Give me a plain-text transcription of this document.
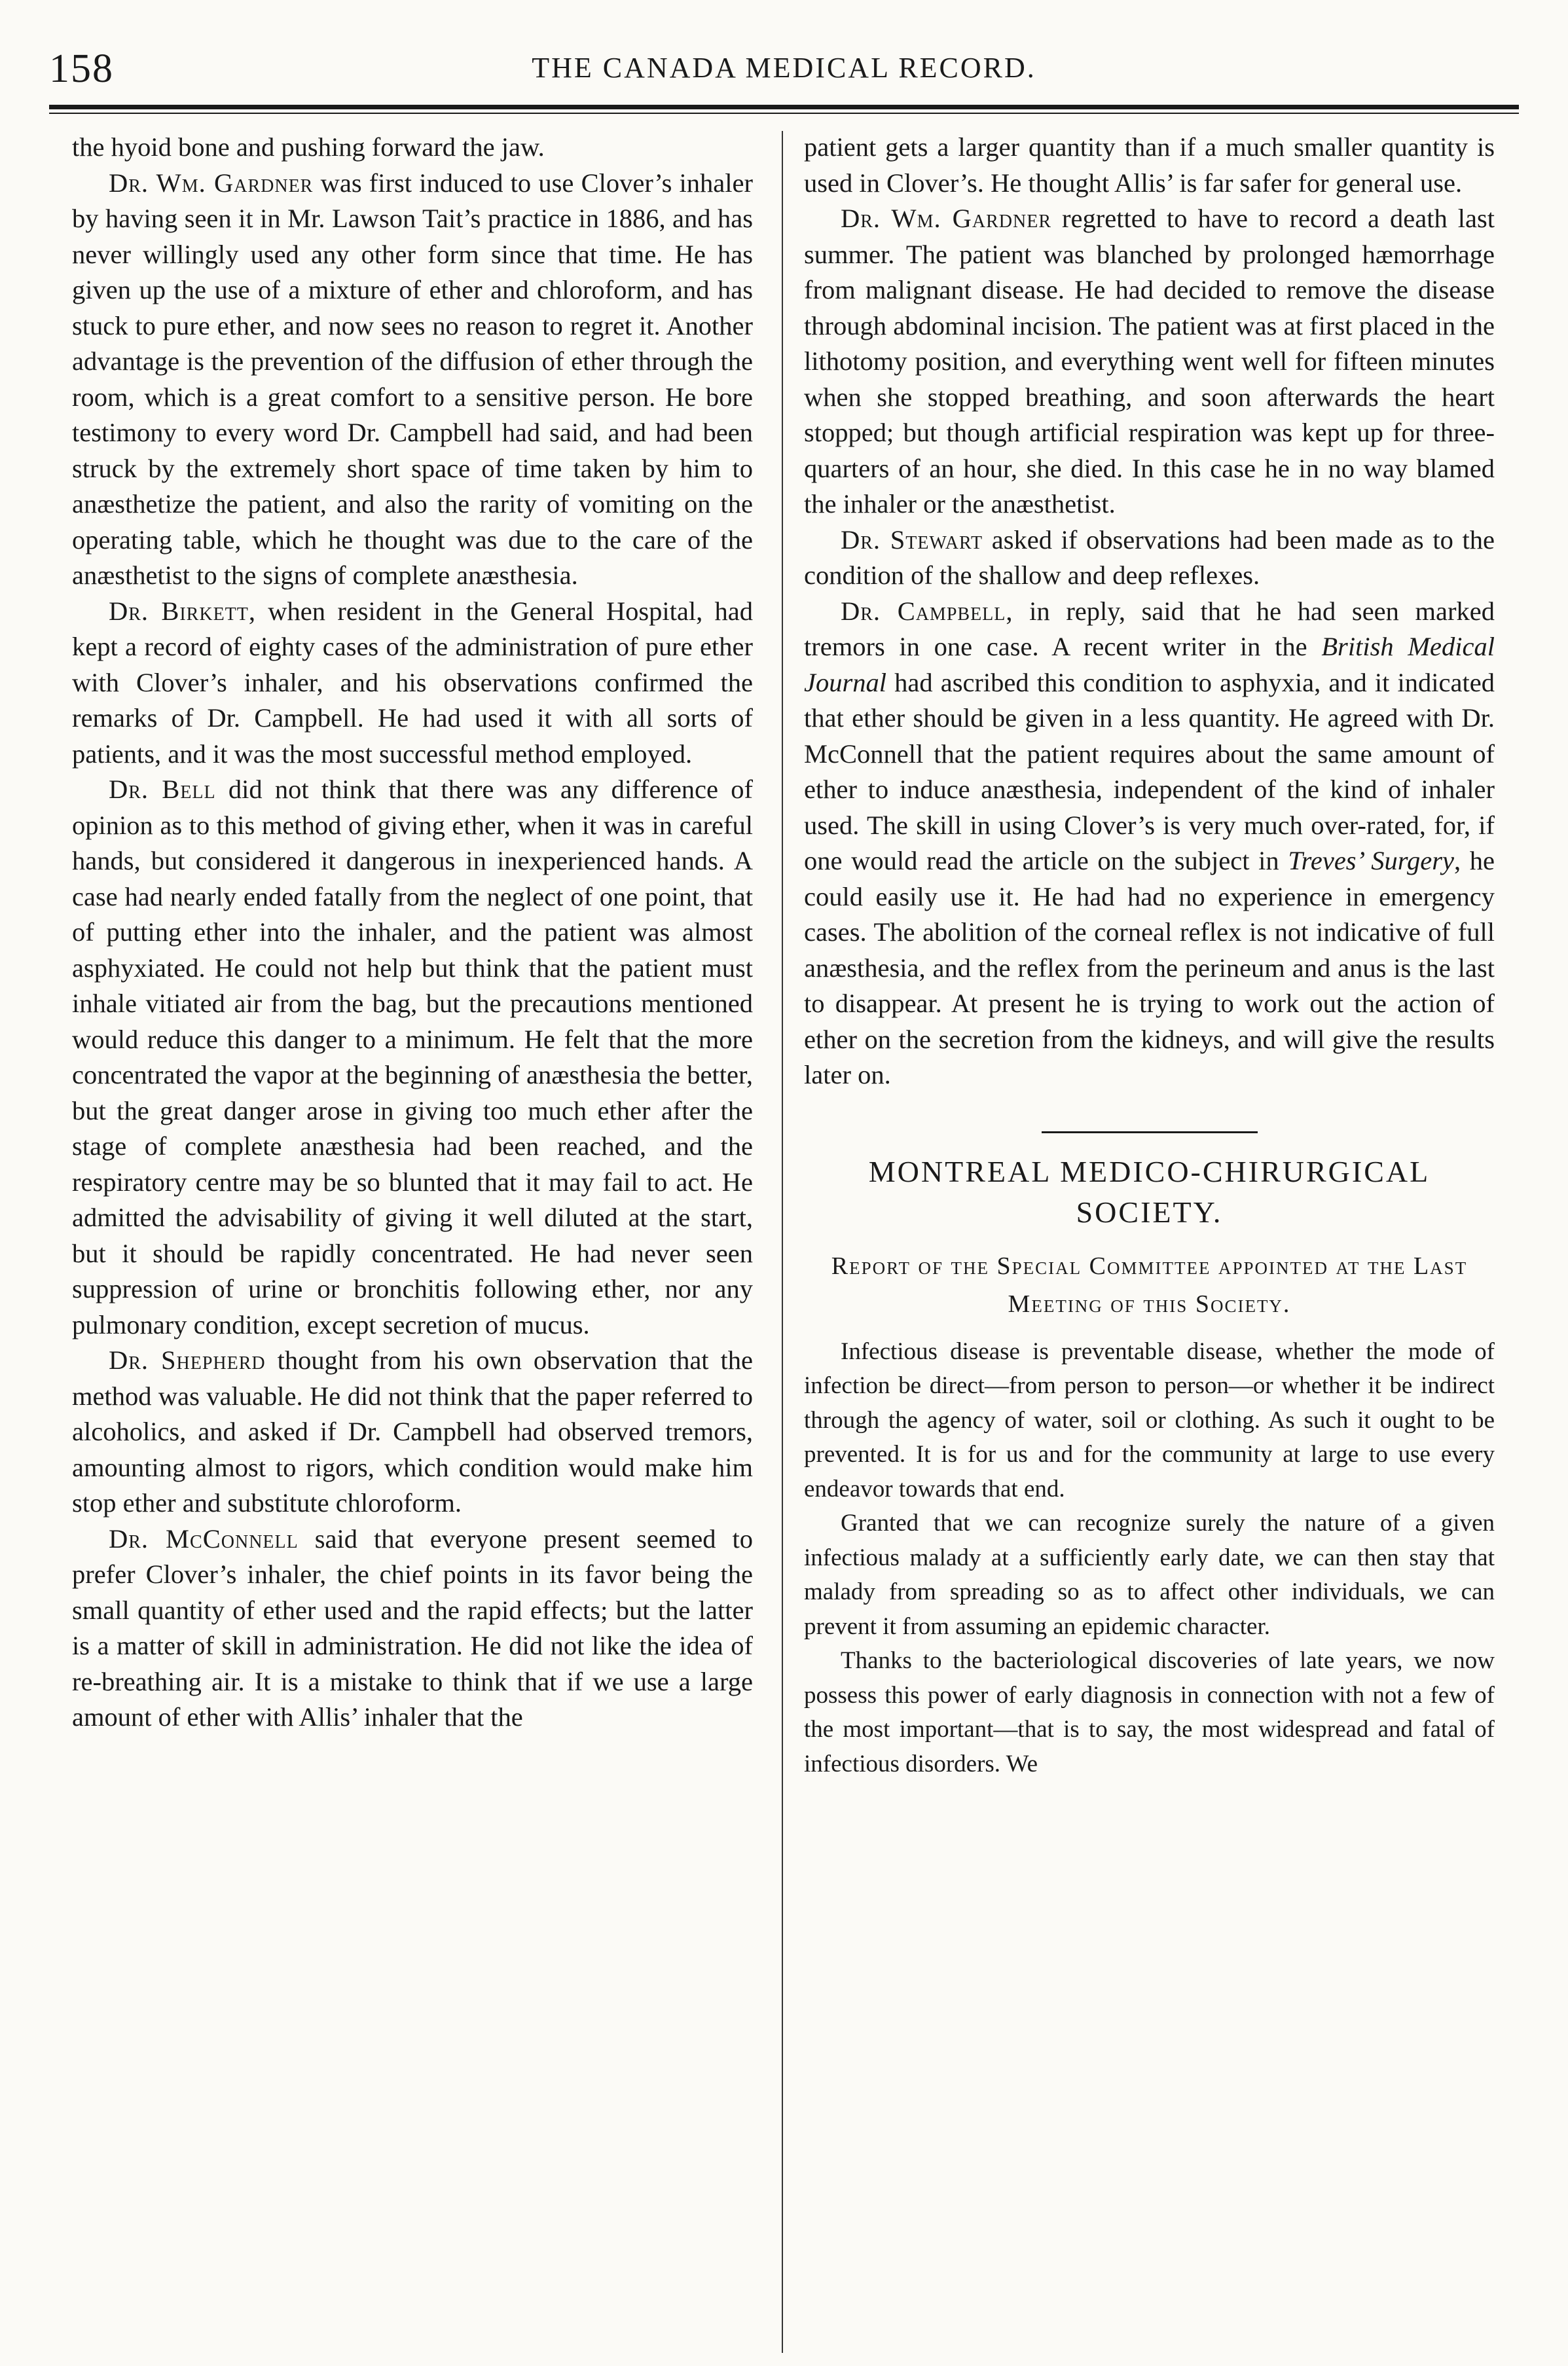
158	THE CANADA MEDICAL RECORD.

the hyoid bone and pushing forward the jaw.

Dr. Wm. Gardner was first induced to use Clover’s inhaler by having seen it in Mr. Lawson Tait’s practice in 1886, and has never willingly used any other form since that time. He has given up the use of a mixture of ether and chloroform, and has stuck to pure ether, and now sees no reason to regret it. Another advantage is the prevention of the diffusion of ether through the room, which is a great comfort to a sensitive person. He bore testimony to every word Dr. Campbell had said, and had been struck by the extremely short space of time taken by him to anæsthetize the patient, and also the rarity of vomiting on the operating table, which he thought was due to the care of the anæsthetist to the signs of complete anæsthesia.

Dr. Birkett, when resident in the General Hospital, had kept a record of eighty cases of the administration of pure ether with Clover’s inhaler, and his observations confirmed the remarks of Dr. Campbell. He had used it with all sorts of patients, and it was the most successful method employed.

Dr. Bell did not think that there was any difference of opinion as to this method of giving ether, when it was in careful hands, but considered it dangerous in inexperienced hands. A case had nearly ended fatally from the neglect of one point, that of putting ether into the inhaler, and the patient was almost asphyxiated. He could not help but think that the patient must inhale vitiated air from the bag, but the precautions mentioned would reduce this danger to a minimum. He felt that the more concentrated the vapor at the beginning of anæsthesia the better, but the great danger arose in giving too much ether after the stage of complete anæsthesia had been reached, and the respiratory centre may be so blunted that it may fail to act. He admitted the advisability of giving it well diluted at the start, but it should be rapidly concentrated. He had never seen suppression of urine or bronchitis following ether, nor any pulmonary condition, except secretion of mucus.

Dr. Shepherd thought from his own observation that the method was valuable. He did not think that the paper referred to alcoholics, and asked if Dr. Campbell had observed tremors, amounting almost to rigors, which condition would make him stop ether and substitute chloroform.

Dr. McConnell said that everyone present seemed to prefer Clover’s inhaler, the chief points in its favor being the small quantity of ether used and the rapid effects; but the latter is a matter of skill in administration. He did not like the idea of re-breathing air. It is a mistake to think that if we use a large amount of ether with Allis’ inhaler that the

patient gets a larger quantity than if a much smaller quantity is used in Clover’s. He thought Allis’ is far safer for general use.

Dr. Wm. Gardner regretted to have to record a death last summer. The patient was blanched by prolonged hæmorrhage from malignant disease. He had decided to remove the disease through abdominal incision. The patient was at first placed in the lithotomy position, and everything went well for fifteen minutes when she stopped breathing, and soon afterwards the heart stopped; but though artificial respiration was kept up for three-quarters of an hour, she died. In this case he in no way blamed the inhaler or the anæsthetist.

Dr. Stewart asked if observations had been made as to the condition of the shallow and deep reflexes.

Dr. Campbell, in reply, said that he had seen marked tremors in one case. A recent writer in the British Medical Journal had ascribed this condition to asphyxia, and it indicated that ether should be given in a less quantity. He agreed with Dr. McConnell that the patient requires about the same amount of ether to induce anæsthesia, independent of the kind of inhaler used. The skill in using Clover’s is very much over-rated, for, if one would read the article on the subject in Treves’ Surgery, he could easily use it. He had had no experience in emergency cases. The abolition of the corneal reflex is not indicative of full anæsthesia, and the reflex from the perineum and anus is the last to disappear. At present he is trying to work out the action of ether on the secretion from the kidneys, and will give the results later on.

MONTREAL MEDICO-CHIRURGICAL SOCIETY.
Report of the Special Committee appointed at the Last Meeting of this Society.

Infectious disease is preventable disease, whether the mode of infection be direct—from person to person—or whether it be indirect through the agency of water, soil or clothing. As such it ought to be prevented. It is for us and for the community at large to use every endeavor towards that end.

Granted that we can recognize surely the nature of a given infectious malady at a sufficiently early date, we can then stay that malady from spreading so as to affect other individuals, we can prevent it from assuming an epidemic character.

Thanks to the bacteriological discoveries of late years, we now possess this power of early diagnosis in connection with not a few of the most important—that is to say, the most widespread and fatal of infectious disorders. We
